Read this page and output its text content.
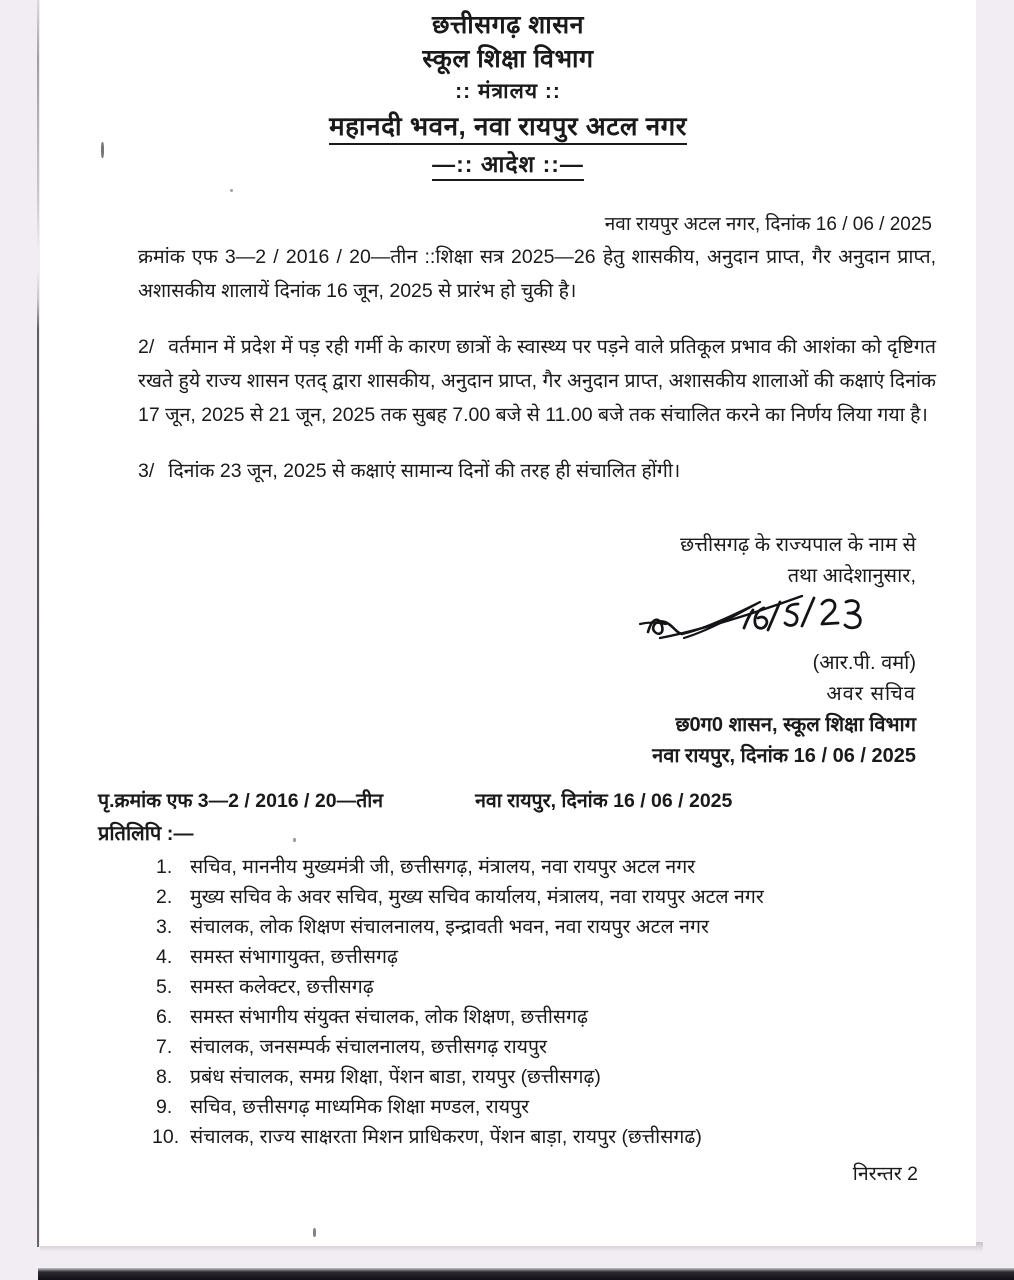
छत्तीसगढ़ शासन
स्कूल शिक्षा विभाग
:: मंत्रालय ::
महानदी भवन, नवा रायपुर अटल नगर
—:: आदेश ::—
नवा रायपुर अटल नगर, दिनांक 16 / 06 / 2025
क्रमांक एफ 3—2 / 2016 / 20—तीन ::शिक्षा सत्र 2025—26 हेतु शासकीय, अनुदान प्राप्त, गैर अनुदान प्राप्त, अशासकीय शालायें दिनांक 16 जून, 2025 से प्रारंभ हो चुकी है।
2/ वर्तमान में प्रदेश में पड़ रही गर्मी के कारण छात्रों के स्वास्थ्य पर पड़ने वाले प्रतिकूल प्रभाव की आशंका को दृष्टिगत रखते हुये राज्य शासन एतद् द्वारा शासकीय, अनुदान प्राप्त, गैर अनुदान प्राप्त, अशासकीय शालाओं की कक्षाएं दिनांक 17 जून, 2025 से 21 जून, 2025 तक सुबह 7.00 बजे से 11.00 बजे तक संचालित करने का निर्णय लिया गया है।
3/ दिनांक 23 जून, 2025 से कक्षाएं सामान्य दिनों की तरह ही संचालित होंगी।
छत्तीसगढ़ के राज्यपाल के नाम से
तथा आदेशानुसार,
(आर.पी. वर्मा)
अवर सचिव
छ0ग0 शासन, स्कूल शिक्षा विभाग
नवा रायपुर, दिनांक 16 / 06 / 2025
पृ.क्रमांक एफ 3—2 / 2016 / 20—तीन	नवा रायपुर, दिनांक 16 / 06 / 2025
प्रतिलिपि :—
1. सचिव, माननीय मुख्यमंत्री जी, छत्तीसगढ़, मंत्रालय, नवा रायपुर अटल नगर
2. मुख्य सचिव के अवर सचिव, मुख्य सचिव कार्यालय, मंत्रालय, नवा रायपुर अटल नगर
3. संचालक, लोक शिक्षण संचालनालय, इन्द्रावती भवन, नवा रायपुर अटल नगर
4. समस्त संभागायुक्त, छत्तीसगढ़
5. समस्त कलेक्टर, छत्तीसगढ़
6. समस्त संभागीय संयुक्त संचालक, लोक शिक्षण, छत्तीसगढ़
7. संचालक, जनसम्पर्क संचालनालय, छत्तीसगढ़ रायपुर
8. प्रबंध संचालक, समग्र शिक्षा, पेंशन बाडा, रायपुर (छत्तीसगढ़)
9. सचिव, छत्तीसगढ़ माध्यमिक शिक्षा मण्डल, रायपुर
10. संचालक, राज्य साक्षरता मिशन प्राधिकरण, पेंशन बाड़ा, रायपुर (छत्तीसगढ)
निरन्तर 2
